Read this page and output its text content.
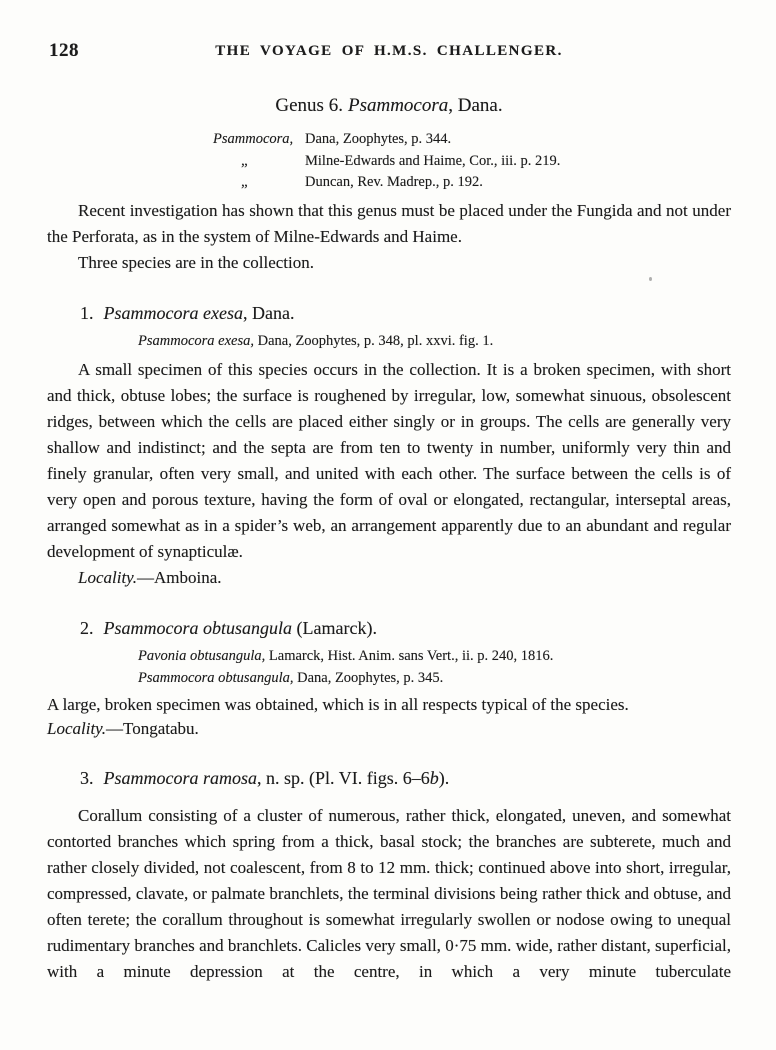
128	THE VOYAGE OF H.M.S. CHALLENGER.
Genus 6. Psammocora, Dana.
Psammocora, Dana, Zoophytes, p. 344.
„	Milne-Edwards and Haime, Cor., iii. p. 219.
„	Duncan, Rev. Madrep., p. 192.

Recent investigation has shown that this genus must be placed under the Fungida and not under the Perforata, as in the system of Milne-Edwards and Haime.

Three species are in the collection.

1. Psammocora exesa, Dana.
Psammocora exesa, Dana, Zoophytes, p. 348, pl. xxvi. fig. 1.

A small specimen of this species occurs in the collection. It is a broken specimen, with short and thick, obtuse lobes; the surface is roughened by irregular, low, somewhat sinuous, obsolescent ridges, between which the cells are placed either singly or in groups. The cells are generally very shallow and indistinct; and the septa are from ten to twenty in number, uniformly very thin and finely granular, often very small, and united with each other. The surface between the cells is of very open and porous texture, having the form of oval or elongated, rectangular, interseptal areas, arranged somewhat as in a spider’s web, an arrangement apparently due to an abundant and regular development of synapticulæ.

Locality.—Amboina.

2. Psammocora obtusangula (Lamarck).
Pavonia obtusangula, Lamarck, Hist. Anim. sans Vert., ii. p. 240, 1816.
Psammocora obtusangula, Dana, Zoophytes, p. 345.

A large, broken specimen was obtained, which is in all respects typical of the species.

Locality.—Tongatabu.

3. Psammocora ramosa, n. sp. (Pl. VI. figs. 6–6b).

Corallum consisting of a cluster of numerous, rather thick, elongated, uneven, and somewhat contorted branches which spring from a thick, basal stock; the branches are subterete, much and rather closely divided, not coalescent, from 8 to 12 mm. thick; continued above into short, irregular, compressed, clavate, or palmate branchlets, the terminal divisions being rather thick and obtuse, and often terete; the corallum throughout is somewhat irregularly swollen or nodose owing to unequal rudimentary branches and branchlets. Calicles very small, 0·75 mm. wide, rather distant, superficial, with a minute depression at the centre, in which a very minute tuberculate
